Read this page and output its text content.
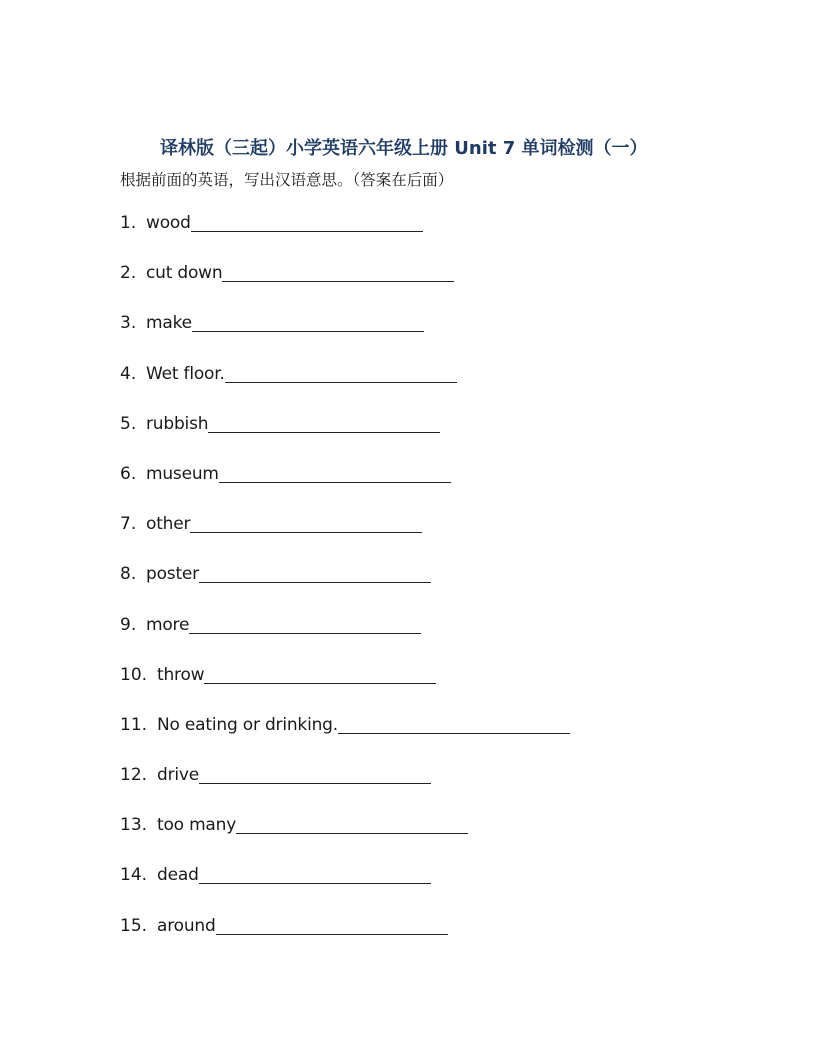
译林版（三起）小学英语六年级上册 Unit 7 单词检测（一）
根据前面的英语，写出汉语意思。（答案在后面）
1. wood
2. cut down
3. make
4. Wet floor.
5. rubbish
6. museum
7. other
8. poster
9. more
10. throw
11. No eating or drinking.
12. drive
13. too many
14. dead
15. around
